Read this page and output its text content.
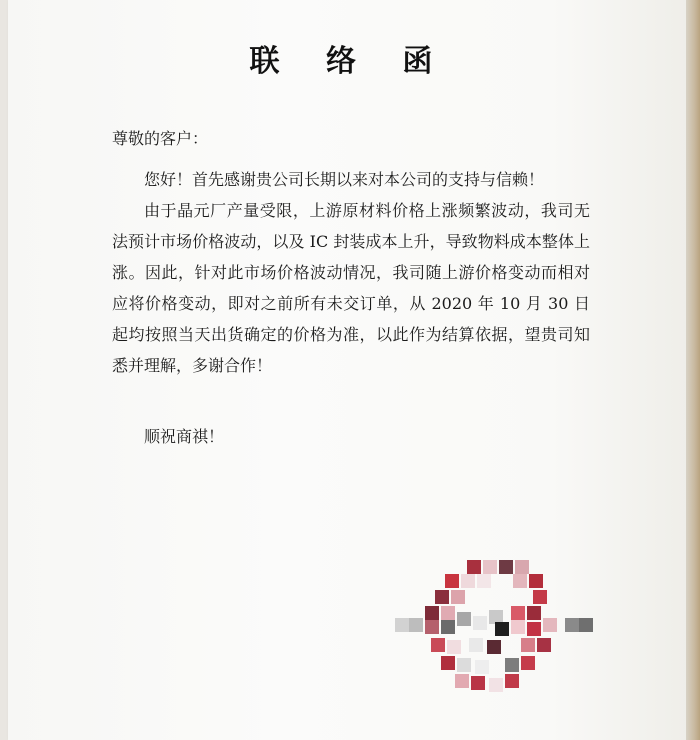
联 络 函
尊敬的客户：

您好！首先感谢贵公司长期以来对本公司的支持与信赖！

由于晶元厂产量受限，上游原材料价格上涨频繁波动，我司无法预计市场价格波动，以及 IC 封装成本上升，导致物料成本整体上涨。因此，针对此市场价格波动情况，我司随上游价格变动而相对应将价格变动，即对之前所有未交订单，从 2020 年 10 月 30 日起均按照当天出货确定的价格为准，以此作为结算依据，望贵司知悉并理解，多谢合作！

顺祝商祺！
